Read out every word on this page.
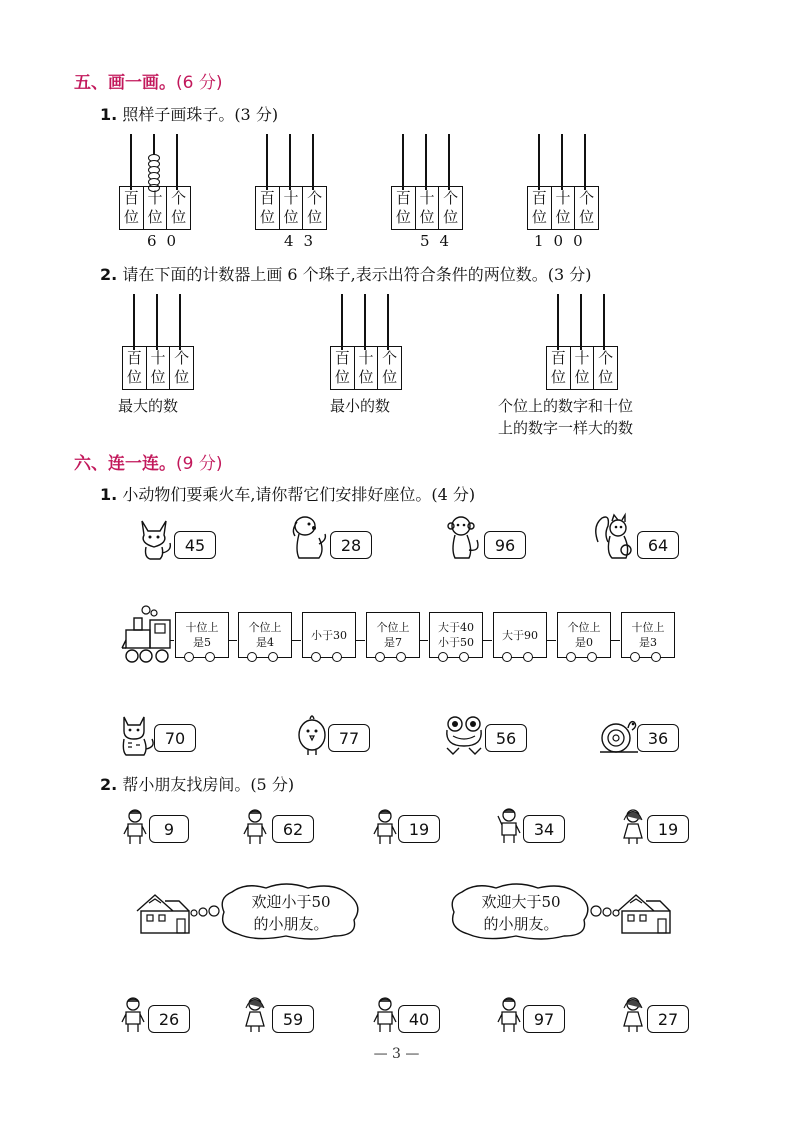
五、画一画。(6 分)
1. 照样子画珠子。(3 分)
百
位
十
位
个
位
60
百
位
十
位
个
位
43
百
位
十
位
个
位
54
百
位
十
位
个
位
100
2. 请在下面的计数器上画 6 个珠子,表示出符合条件的两位数。(3 分)
百
位
十
位
个
位
最大的数
百
位
十
位
个
位
最小的数
百
位
十
位
个
位
个位上的数字和十位
上的数字一样大的数
六、连一连。(9 分)
1. 小动物们要乘火车,请你帮它们安排好座位。(4 分)
45	28	96	64
十位上
是5
个位上
是4
小于30
个位上
是7
大于40
小于50
大于90
个位上
是0
十位上
是3
70	77	56	36
2. 帮小朋友找房间。(5 分)
9	62	19	34	19
欢迎小于50
的小朋友。
欢迎大于50
的小朋友。
26	59	40	97	27
— 3 —
